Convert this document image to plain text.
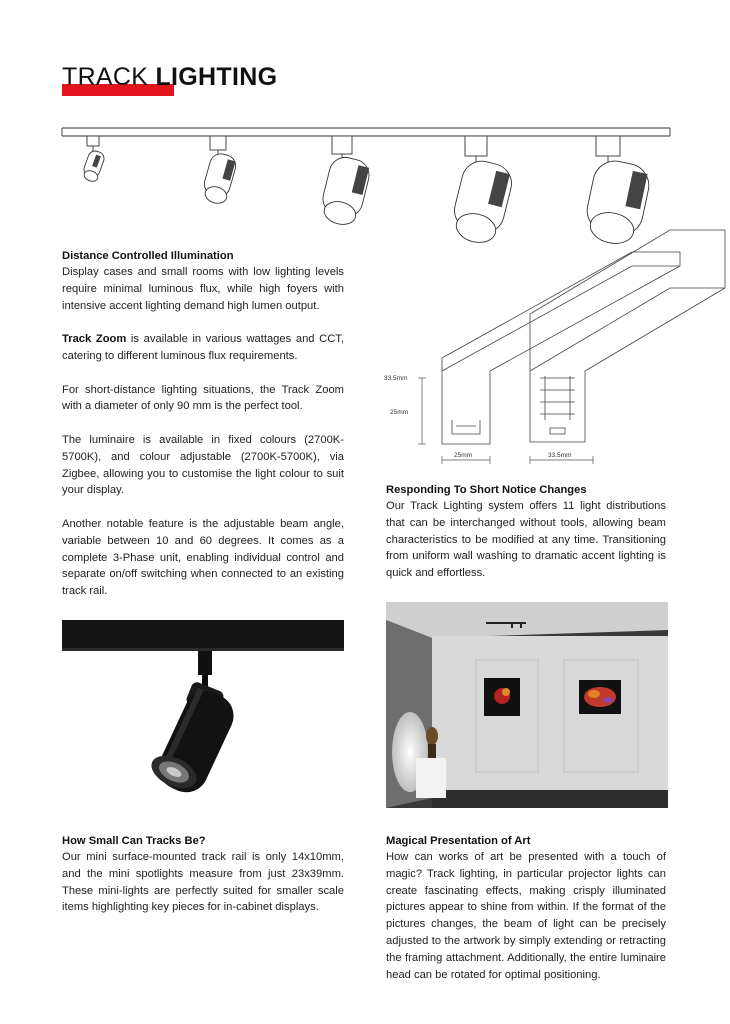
TRACK LIGHTING
Distance Controlled Illumination
Display cases and small rooms with low lighting levels require minimal luminous flux, while high foyers with intensive accent lighting demand high lumen output.
Track Zoom is available in various wattages and CCT, catering to different luminous flux requirements.
For short-distance lighting situations, the Track Zoom with a diameter of only 90 mm is the perfect tool.
The luminaire is available in fixed colours (2700K-5700K), and colour adjustable (2700K-5700K), via Zigbee, allowing you to customise the light colour to suit your display.
Another notable feature is the adjustable beam angle, variable between 10 and 60 degrees. It comes as a complete 3-Phase unit, enabling individual control and separate on/off switching when connected to an existing track rail.
33.5mm
25mm
25mm	33.5mm
Responding To Short Notice Changes
Our Track Lighting system offers 11 light distributions that can be interchanged without tools, allowing beam characteristics to be modified at any time. Transitioning from uniform wall washing to dramatic accent lighting is quick and effortless.
How Small Can Tracks Be?
Our mini surface-mounted track rail is only 14x10mm, and the mini spotlights measure from just 23x39mm. These mini-lights are perfectly suited for smaller scale items highlighting key pieces for in-cabinet displays.
Magical Presentation of Art
How can works of art be presented with a touch of magic? Track lighting, in particular projector lights can create fascinating effects, making crisply illuminated pictures appear to shine from within. If the format of the pictures changes, the beam of light can be precisely adjusted to the artwork by simply extending or retracting the framing attachment. Additionally, the entire luminaire head can be rotated for optimal positioning.
